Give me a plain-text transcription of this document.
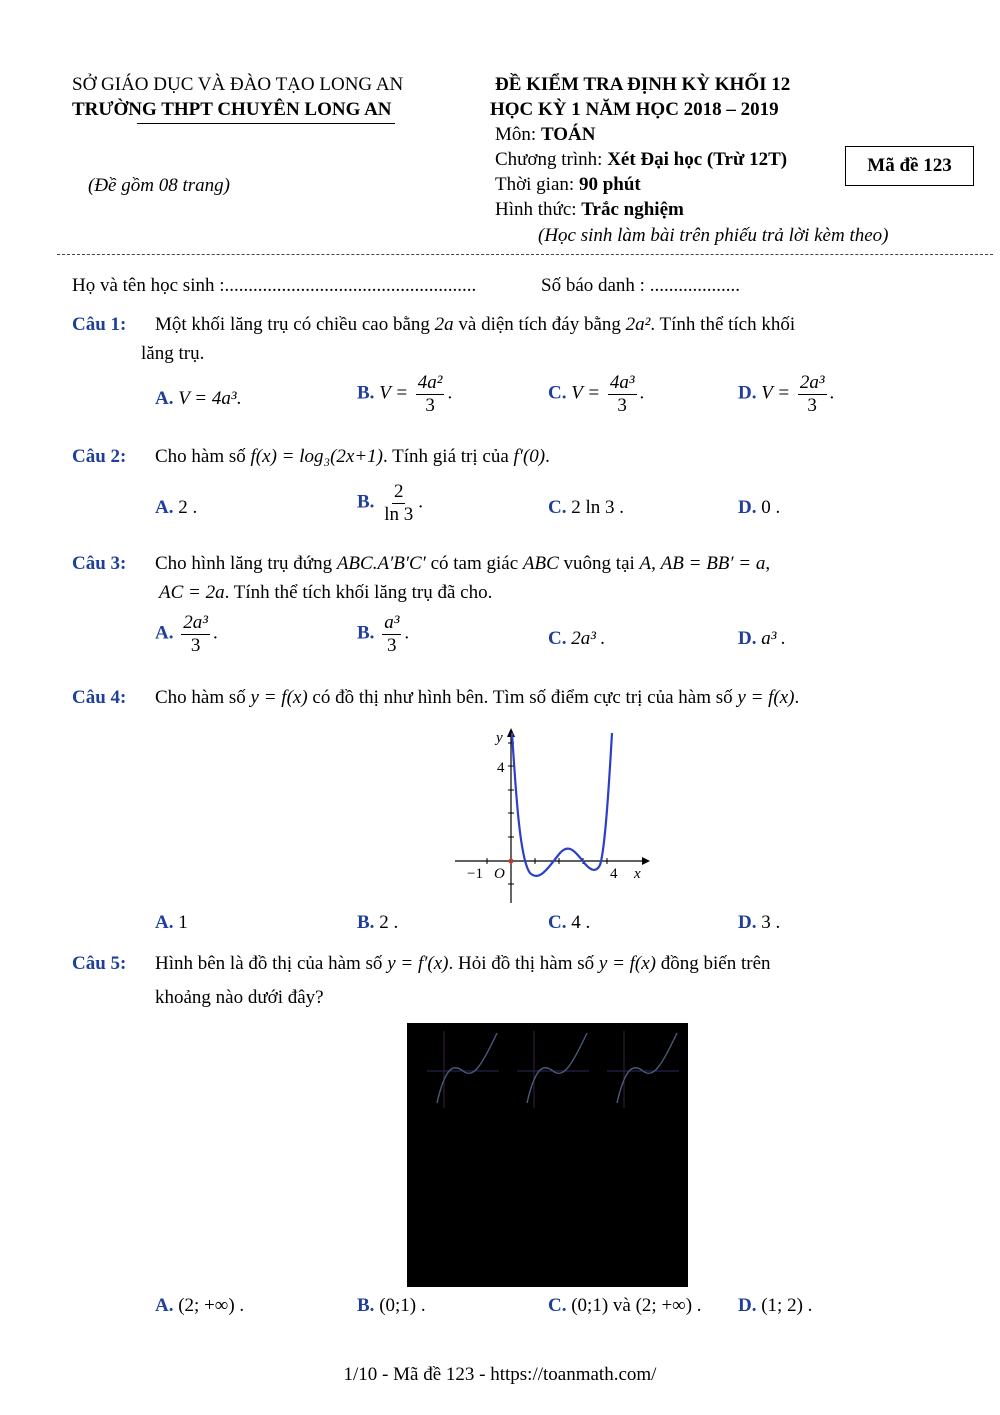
SỞ GIÁO DỤC VÀ ĐÀO TẠO LONG AN
TRƯỜNG THPT CHUYÊN LONG AN
(Đề gồm 08 trang)
ĐỀ KIỂM TRA ĐỊNH KỲ KHỐI 12
HỌC KỲ 1 NĂM HỌC 2018 – 2019
Môn: TOÁN
Chương trình: Xét Đại học (Trừ 12T)
Thời gian: 90 phút
Hình thức: Trắc nghiệm
(Học sinh làm bài trên phiếu trả lời kèm theo)
Mã đề 123
Họ và tên học sinh :.....................................................	Số báo danh : ...................
Câu 1: Một khối lăng trụ có chiều cao bằng 2a và diện tích đáy bằng 2a². Tính thể tích khối
lăng trụ.
A. V = 4a³.	B. $V = \frac{\text{4a²}}{3}$ .	C. $V = \frac{\text{4a³}}{3}$ .	D. $V = \frac{\text{2a³}}{3}$ .
Câu 2: Cho hàm số f(x) = log₃(2x+1). Tính giá trị của f′(0).
A. 2 .	B. $\frac{2}{\ln 3}$ .	C. 2 ln 3 .	D. 0 .
Câu 3: Cho hình lăng trụ đứng ABC.A′B′C′ có tam giác ABC vuông tại A, AB = BB′ = a,
AC = 2a. Tính thể tích khối lăng trụ đã cho.
A. $\frac{\text{2a³}}{3}$ .	B. $\frac{\text{a³}}{3}$ .	C. 2a³ .	D. a³ .
Câu 4: Cho hàm số y = f(x) có đồ thị như hình bên. Tìm số điểm cực trị của hàm số y = f(x).
y
4
−1 O	4 x
A. 1	B. 2 .	C. 4 .	D. 3 .
Câu 5: Hình bên là đồ thị của hàm số y = f′(x). Hỏi đồ thị hàm số y = f(x) đồng biến trên
khoảng nào dưới đây?
A. (2; +∞) .	B. (0;1) .	C. (0;1) và (2; +∞) . D. (1; 2) .
1/10 - Mã đề 123 - https://toanmath.com/
